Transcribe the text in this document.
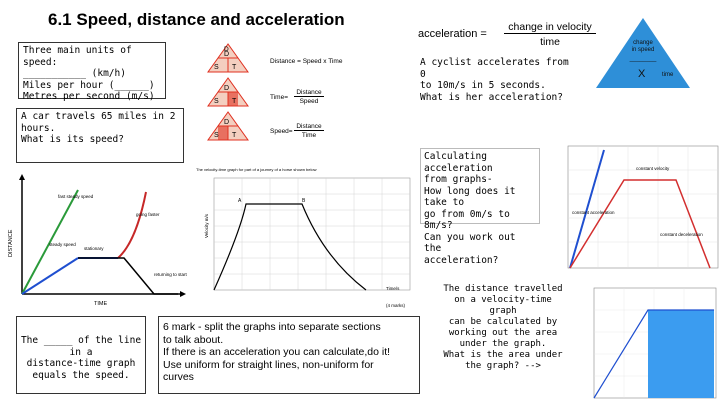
6.1 Speed, distance and acceleration
Three main units of speed:
___________ (km/h)
Miles per hour (______)
Metres per second (m/s)
A car travels 65 miles in 2 hours.
What is its speed?
D
S T
D
S T
D
S T
D
Distance = Speed x Time
Time=
Distance
Speed
Speed=
Distance
Time
acceleration =
change in velocity
time	change
in speed
________
X	time
A cyclist accelerates from 0
to 10m/s in 5 seconds.
What is her acceleration?
Calculating acceleration
from graphs-
How long does it take to
go from 0m/s to 8m/s?
Can you work out the
acceleration?
DISTANCE
TIME
fast steady speed
steady speed
stationary
going faster
returning to start
The _____ of the line
in a
distance-time graph
equals the speed.
The velocity-time graph for part of a journey of a horse shown below
A	B
Velocity m/s
Time/s
(4 marks)
6 mark - split the graphs into separate sections
to talk about.
If there is an acceleration you can calculate,do it!
Use uniform for straight lines, non-uniform for
curves
constant velocity
constant acceleration
constant deceleration
The distance travelled
on a velocity-time graph
can be calculated by
working out the area
under the graph.
What is the area under
the graph? -->
